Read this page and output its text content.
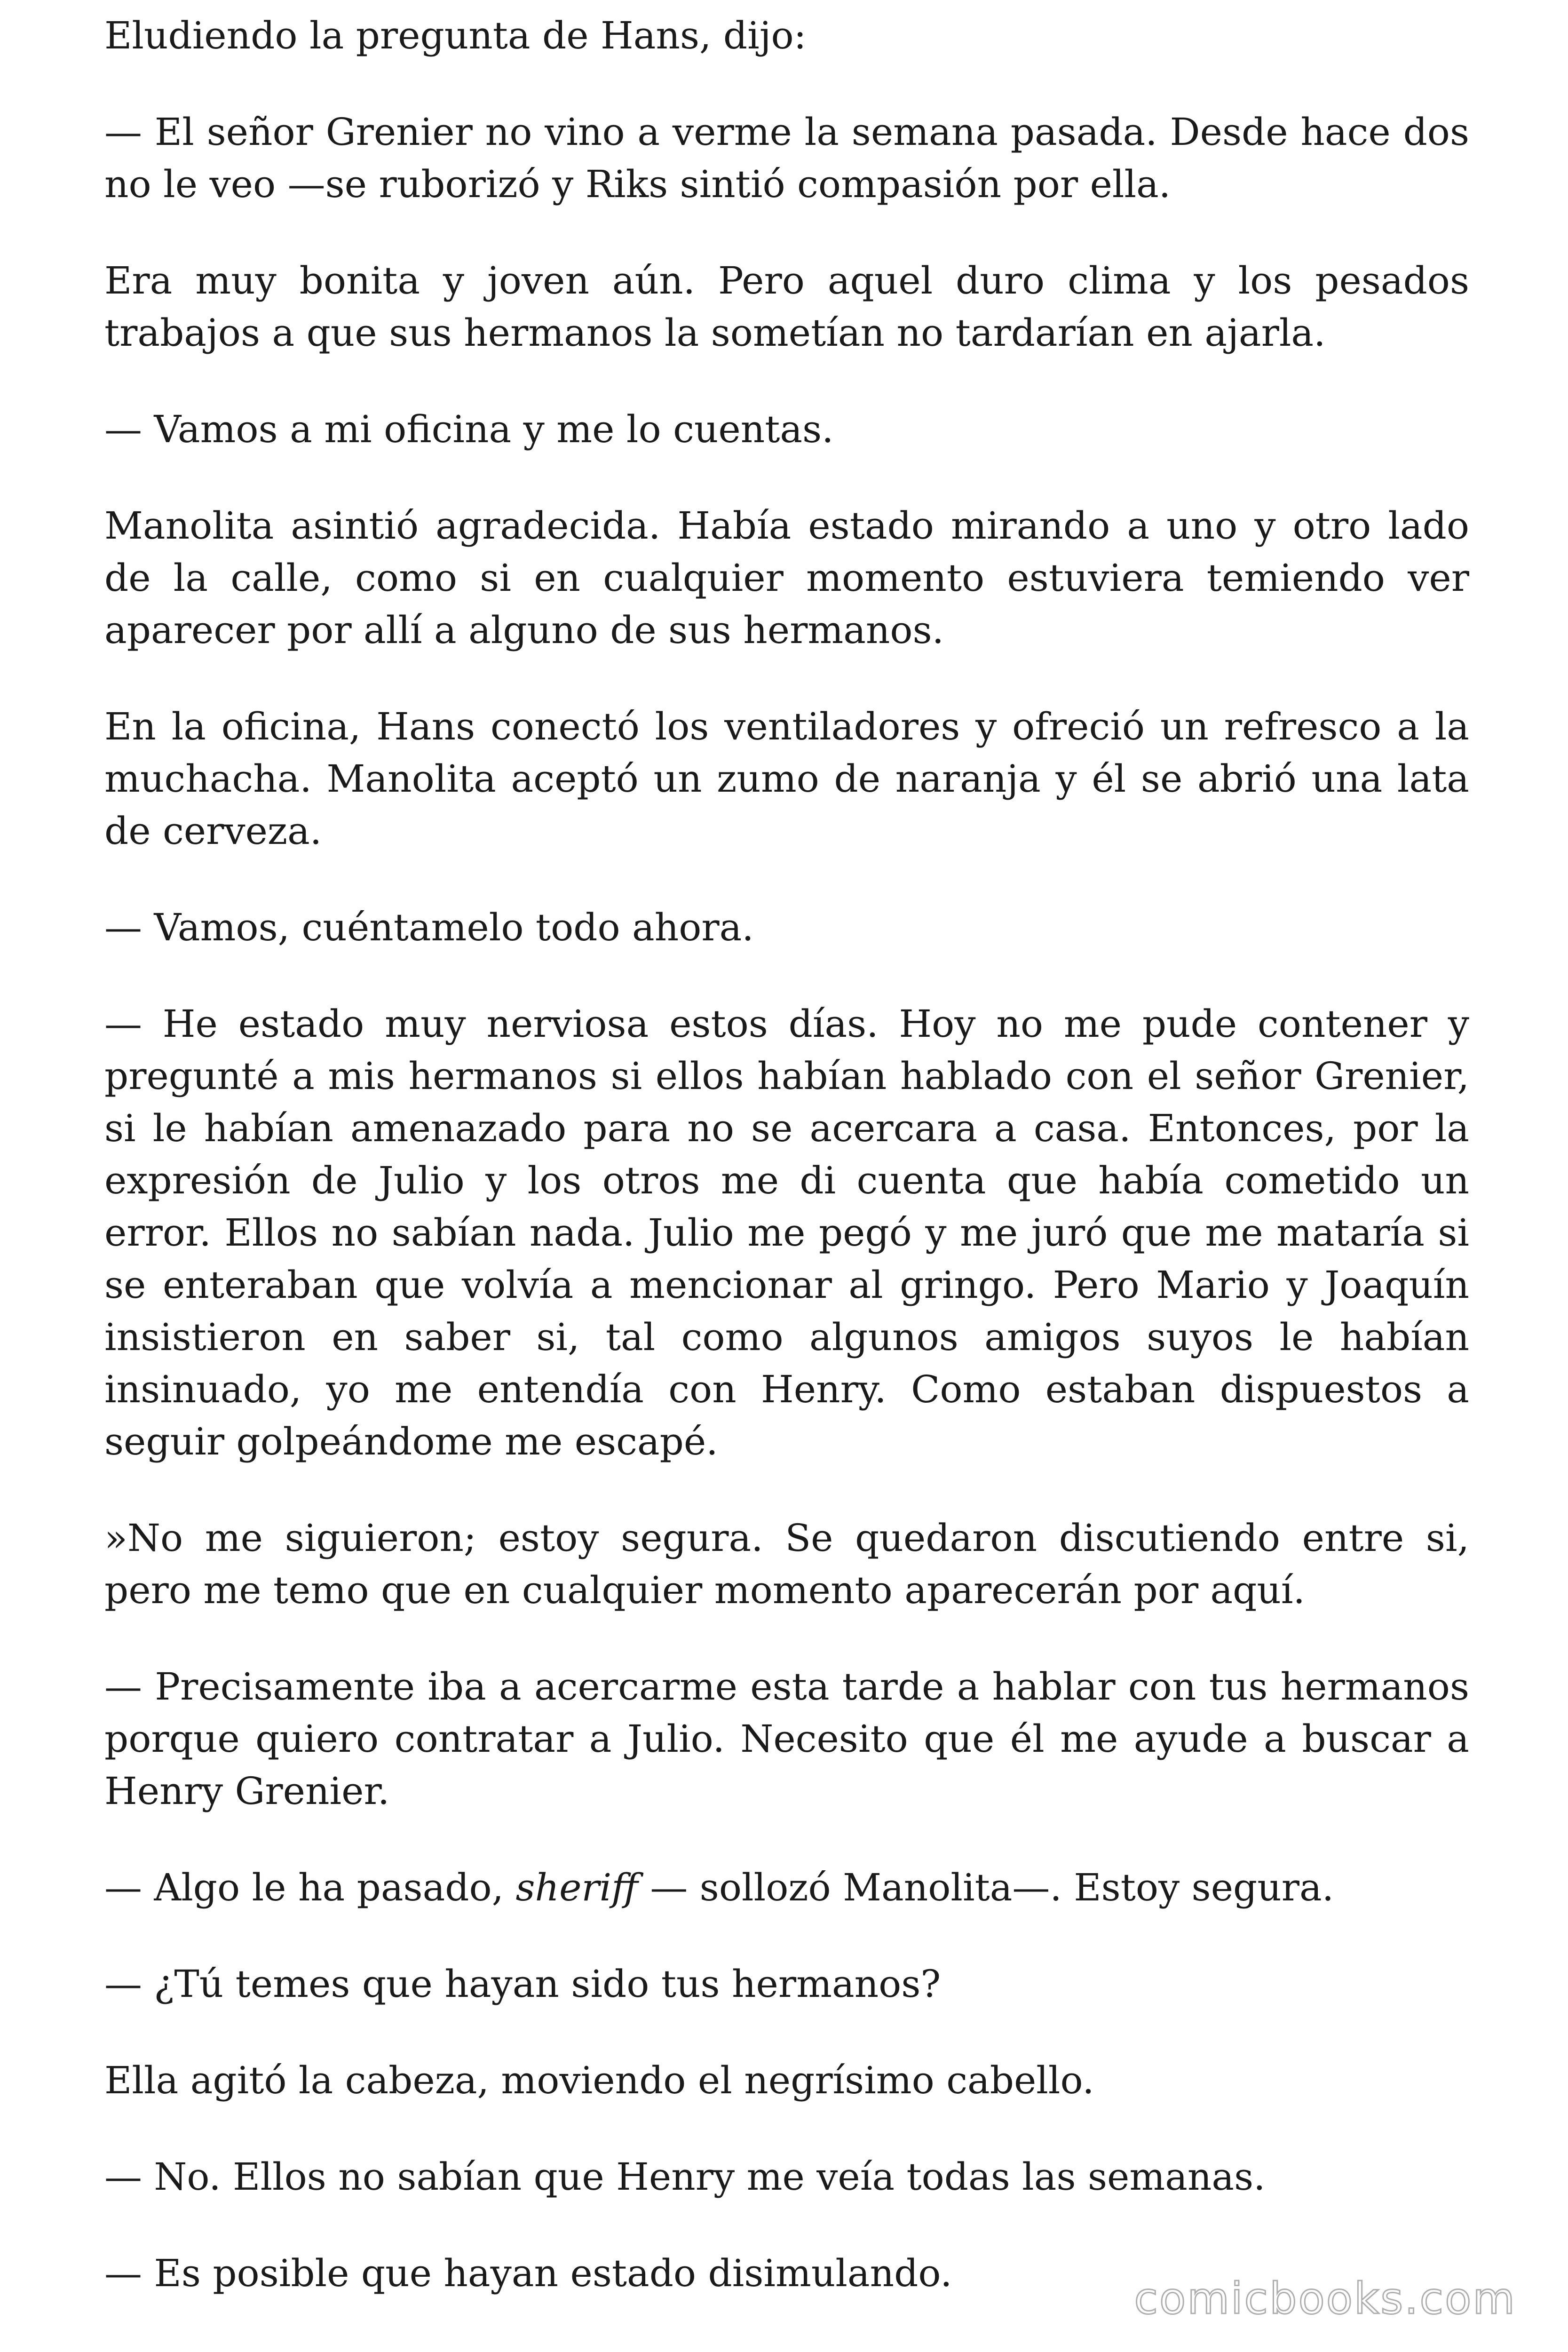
Eludiendo la pregunta de Hans, dijo:

— El señor Grenier no vino a verme la semana pasada. Desde hace dos no le veo —se ruborizó y Riks sintió compasión por ella.

Era muy bonita y joven aún. Pero aquel duro clima y los pesados trabajos a que sus hermanos la sometían no tardarían en ajarla.

— Vamos a mi oficina y me lo cuentas.

Manolita asintió agradecida. Había estado mirando a uno y otro lado de la calle, como si en cualquier momento estuviera temiendo ver aparecer por allí a alguno de sus hermanos.

En la oficina, Hans conectó los ventiladores y ofreció un refresco a la muchacha. Manolita aceptó un zumo de naranja y él se abrió una lata de cerveza.

— Vamos, cuéntamelo todo ahora.

— He estado muy nerviosa estos días. Hoy no me pude contener y pregunté a mis hermanos si ellos habían hablado con el señor Grenier, si le habían amenazado para no se acercara a casa. Entonces, por la expresión de Julio y los otros me di cuenta que había cometido un error. Ellos no sabían nada. Julio me pegó y me juró que me mataría si se enteraban que volvía a mencionar al gringo. Pero Mario y Joaquín insistieron en saber si, tal como algunos amigos suyos le habían insinuado, yo me entendía con Henry. Como estaban dispuestos a seguir golpeándome me escapé.

»No me siguieron; estoy segura. Se quedaron discutiendo entre si, pero me temo que en cualquier momento aparecerán por aquí.

— Precisamente iba a acercarme esta tarde a hablar con tus hermanos porque quiero contratar a Julio. Necesito que él me ayude a buscar a Henry Grenier.

— Algo le ha pasado, sheriff — sollozó Manolita—. Estoy segura.

— ¿Tú temes que hayan sido tus hermanos?

Ella agitó la cabeza, moviendo el negrísimo cabello.

— No. Ellos no sabían que Henry me veía todas las semanas.

— Es posible que hayan estado disimulando.

comicbooks.com
